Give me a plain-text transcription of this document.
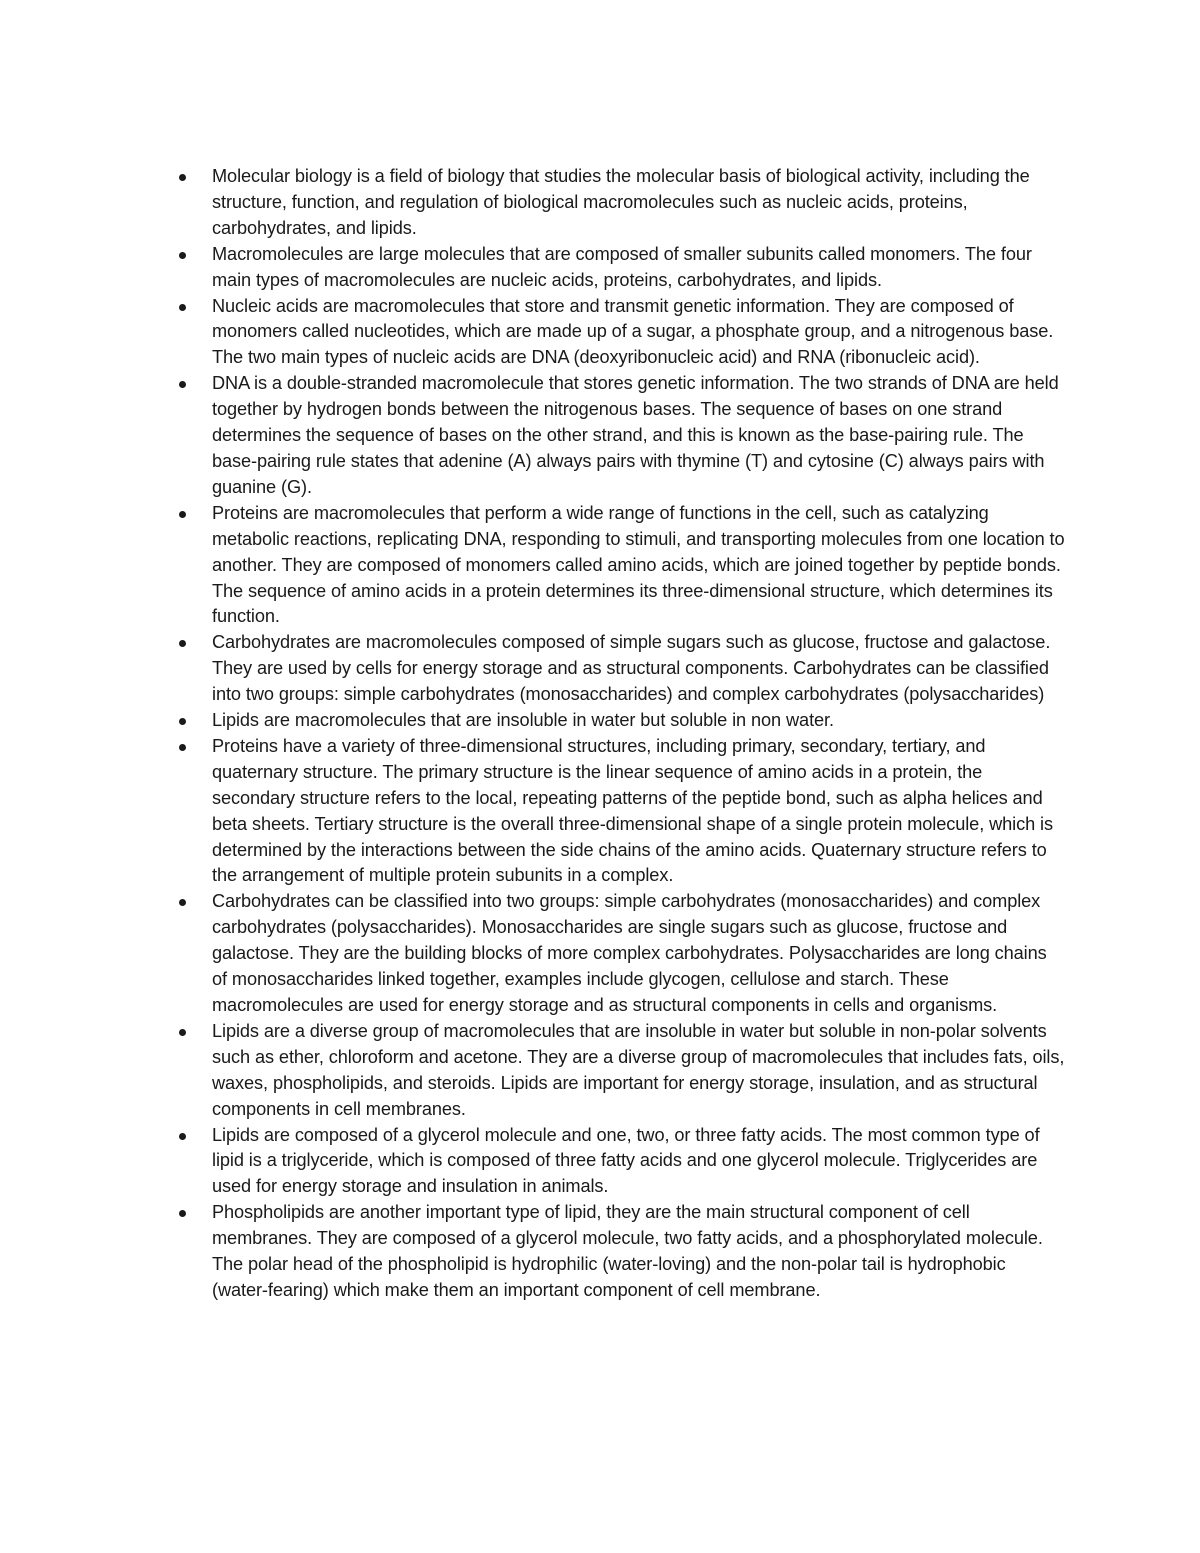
Molecular biology is a field of biology that studies the molecular basis of biological activity, including the structure, function, and regulation of biological macromolecules such as nucleic acids, proteins, carbohydrates, and lipids.
Macromolecules are large molecules that are composed of smaller subunits called monomers. The four main types of macromolecules are nucleic acids, proteins, carbohydrates, and lipids.
Nucleic acids are macromolecules that store and transmit genetic information. They are composed of monomers called nucleotides, which are made up of a sugar, a phosphate group, and a nitrogenous base. The two main types of nucleic acids are DNA (deoxyribonucleic acid) and RNA (ribonucleic acid).
DNA is a double-stranded macromolecule that stores genetic information. The two strands of DNA are held together by hydrogen bonds between the nitrogenous bases. The sequence of bases on one strand determines the sequence of bases on the other strand, and this is known as the base-pairing rule. The base-pairing rule states that adenine (A) always pairs with thymine (T) and cytosine (C) always pairs with guanine (G).
Proteins are macromolecules that perform a wide range of functions in the cell, such as catalyzing metabolic reactions, replicating DNA, responding to stimuli, and transporting molecules from one location to another. They are composed of monomers called amino acids, which are joined together by peptide bonds. The sequence of amino acids in a protein determines its three-dimensional structure, which determines its function.
Carbohydrates are macromolecules composed of simple sugars such as glucose, fructose and galactose. They are used by cells for energy storage and as structural components. Carbohydrates can be classified into two groups: simple carbohydrates (monosaccharides) and complex carbohydrates (polysaccharides)
Lipids are macromolecules that are insoluble in water but soluble in non water.
Proteins have a variety of three-dimensional structures, including primary, secondary, tertiary, and quaternary structure. The primary structure is the linear sequence of amino acids in a protein, the secondary structure refers to the local, repeating patterns of the peptide bond, such as alpha helices and beta sheets. Tertiary structure is the overall three-dimensional shape of a single protein molecule, which is determined by the interactions between the side chains of the amino acids. Quaternary structure refers to the arrangement of multiple protein subunits in a complex.
Carbohydrates can be classified into two groups: simple carbohydrates (monosaccharides) and complex carbohydrates (polysaccharides). Monosaccharides are single sugars such as glucose, fructose and galactose. They are the building blocks of more complex carbohydrates. Polysaccharides are long chains of monosaccharides linked together, examples include glycogen, cellulose and starch. These macromolecules are used for energy storage and as structural components in cells and organisms.
Lipids are a diverse group of macromolecules that are insoluble in water but soluble in non-polar solvents such as ether, chloroform and acetone. They are a diverse group of macromolecules that includes fats, oils, waxes, phospholipids, and steroids. Lipids are important for energy storage, insulation, and as structural components in cell membranes.
Lipids are composed of a glycerol molecule and one, two, or three fatty acids. The most common type of lipid is a triglyceride, which is composed of three fatty acids and one glycerol molecule. Triglycerides are used for energy storage and insulation in animals.
Phospholipids are another important type of lipid, they are the main structural component of cell membranes. They are composed of a glycerol molecule, two fatty acids, and a phosphorylated molecule. The polar head of the phospholipid is hydrophilic (water-loving) and the non-polar tail is hydrophobic (water-fearing) which make them an important component of cell membrane.
